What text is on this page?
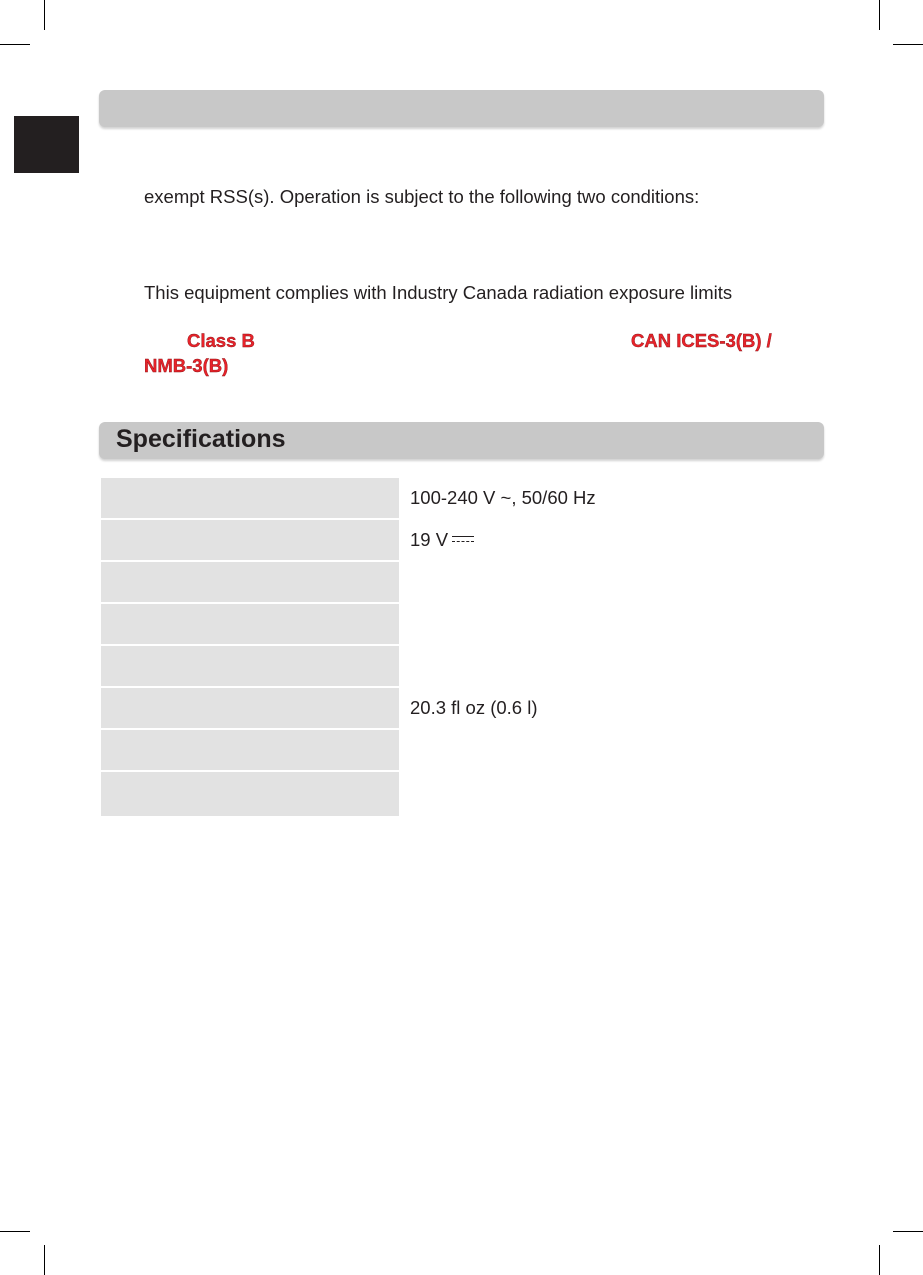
exempt RSS(s). Operation is subject to the following two conditions:
This equipment complies with Industry Canada radiation exposure limits
Class B	CAN ICES-3(B) /
NMB-3(B)
Specifications
100-240 V ~, 50/60 Hz
19 V
20.3 fl oz (0.6 l)
